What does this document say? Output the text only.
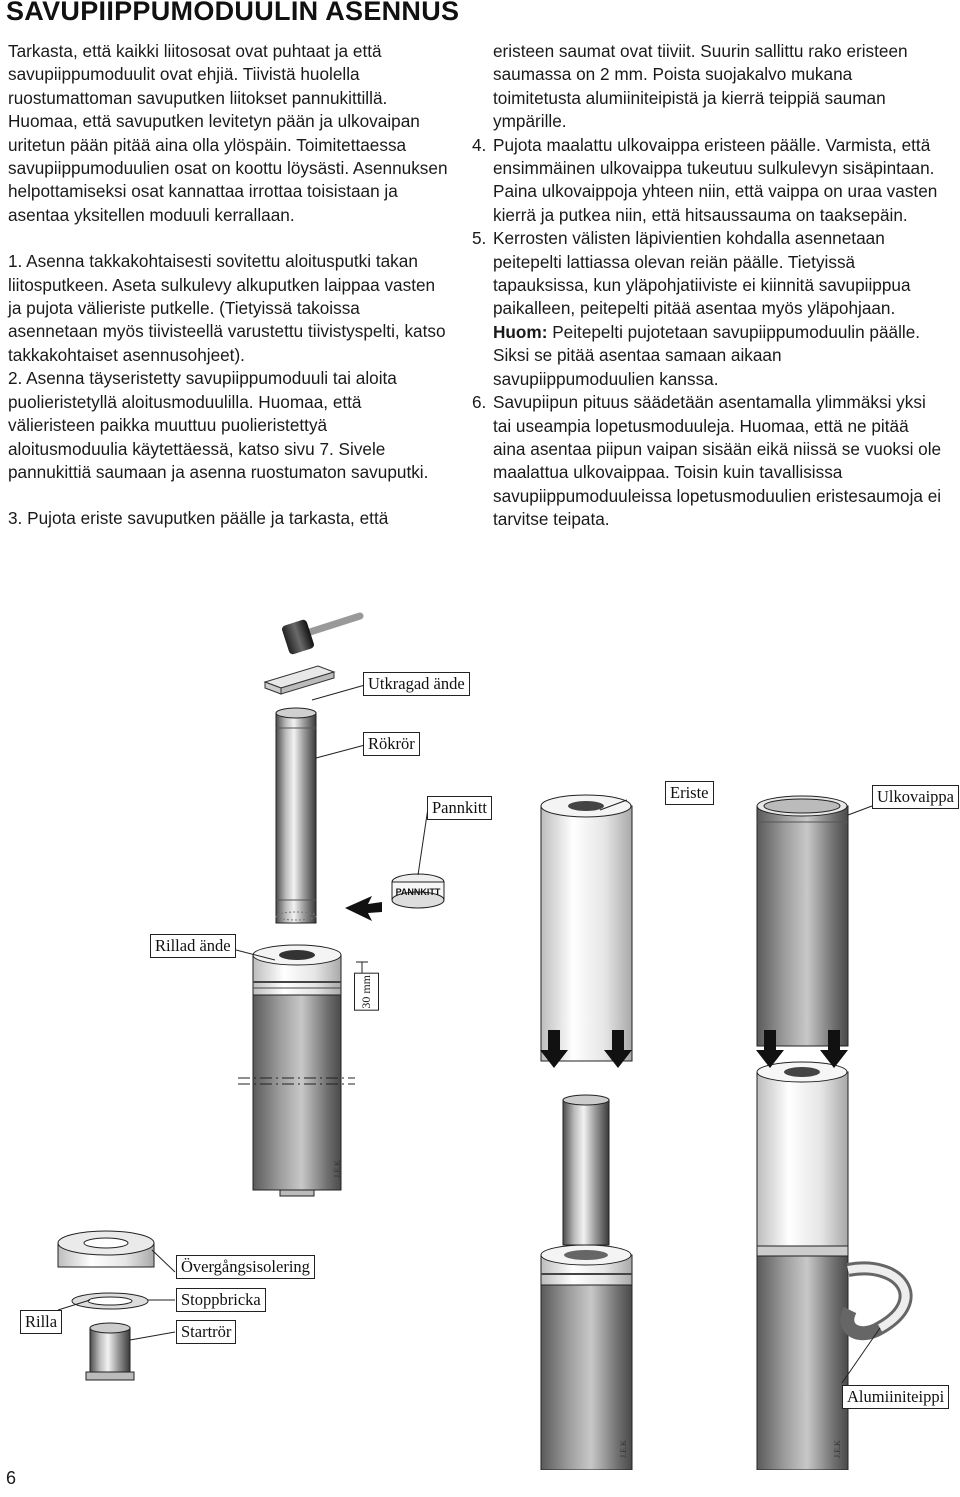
SAVUPIIPPUMODUULIN ASENNUS

Tarkasta, että kaikki liitososat ovat puhtaat ja että savupiippumoduulit ovat ehjiä. Tiivistä huolella ruostumattoman savuputken liitokset pannukittillä. Huomaa, että savuputken levitetyn pään ja ulkovaipan uritetun pään pitää aina olla ylöspäin. Toimitettaessa savupiippumoduulien osat on koottu löysästi. Asennuksen helpottamiseksi osat kannattaa irrottaa toisistaan ja asentaa yksitellen moduuli kerrallaan.

1. Asenna takkakohtaisesti sovitettu aloitusputki takan liitosputkeen. Aseta sulkulevy alkuputken laippaa vasten ja pujota välieriste putkelle. (Tietyissä takoissa asennetaan myös tiivisteellä varustettu tiivistyspelti, katso takkakohtaiset asennusohjeet).

2. Asenna täyseristetty savupiippumoduuli tai aloita puolieristetyllä aloitusmoduulilla. Huomaa, että välieristeen paikka muuttuu puolieristettyä aloitusmoduulia käytettäessä, katso sivu 7. Sivele pannukittiä saumaan ja asenna ruostumaton savuputki.

3. Pujota eriste savuputken päälle ja tarkasta, että

eristeen saumat ovat tiiviit. Suurin sallittu rako eristeen saumassa on 2 mm. Poista suojakalvo mukana toimitetusta alumiiniteipistä ja kierrä teippiä sauman ympärille.

4. Pujota maalattu ulkovaippa eristeen päälle. Varmista, että ensimmäinen ulkovaippa tukeutuu sulkulevyn sisäpintaan. Paina ulkovaippoja yhteen niin, että vaippa on uraa vasten kierrä ja putkea niin, että hitsaussauma on taaksepäin.

5. Kerrosten välisten läpivientien kohdalla asennetaan peitepelti lattiassa olevan reiän päälle. Tietyissä tapauksissa, kun yläpohjatiiviste ei kiinnitä savupiippua paikalleen, peitepelti pitää asentaa myös yläpohjaan. Huom: Peitepelti pujotetaan savupiippumoduulin päälle. Siksi se pitää asentaa samaan aikaan savupiippumoduulien kanssa.

6. Savupiipun pituus säädetään asentamalla ylimmäksi yksi tai useampia lopetusmoduuleja. Huomaa, että ne pitää aina asentaa piipun vaipan sisään eikä niissä se vuoksi ole maalattua ulkovaippaa. Toisin kuin tavallisissa savupiippumoduuleissa lopetusmoduulien eristesaumoja ei tarvitse teipata.

PANNKITT
J.E.K
J.E.K	J.E.K
Utkragad ände
Rökrör
Pannkitt
Eriste	Ulkovaippa
Rillad ände
30 mm
Övergångsisolering
Stoppbricka
Rilla
Startrör
Alumiiniteippi
6
